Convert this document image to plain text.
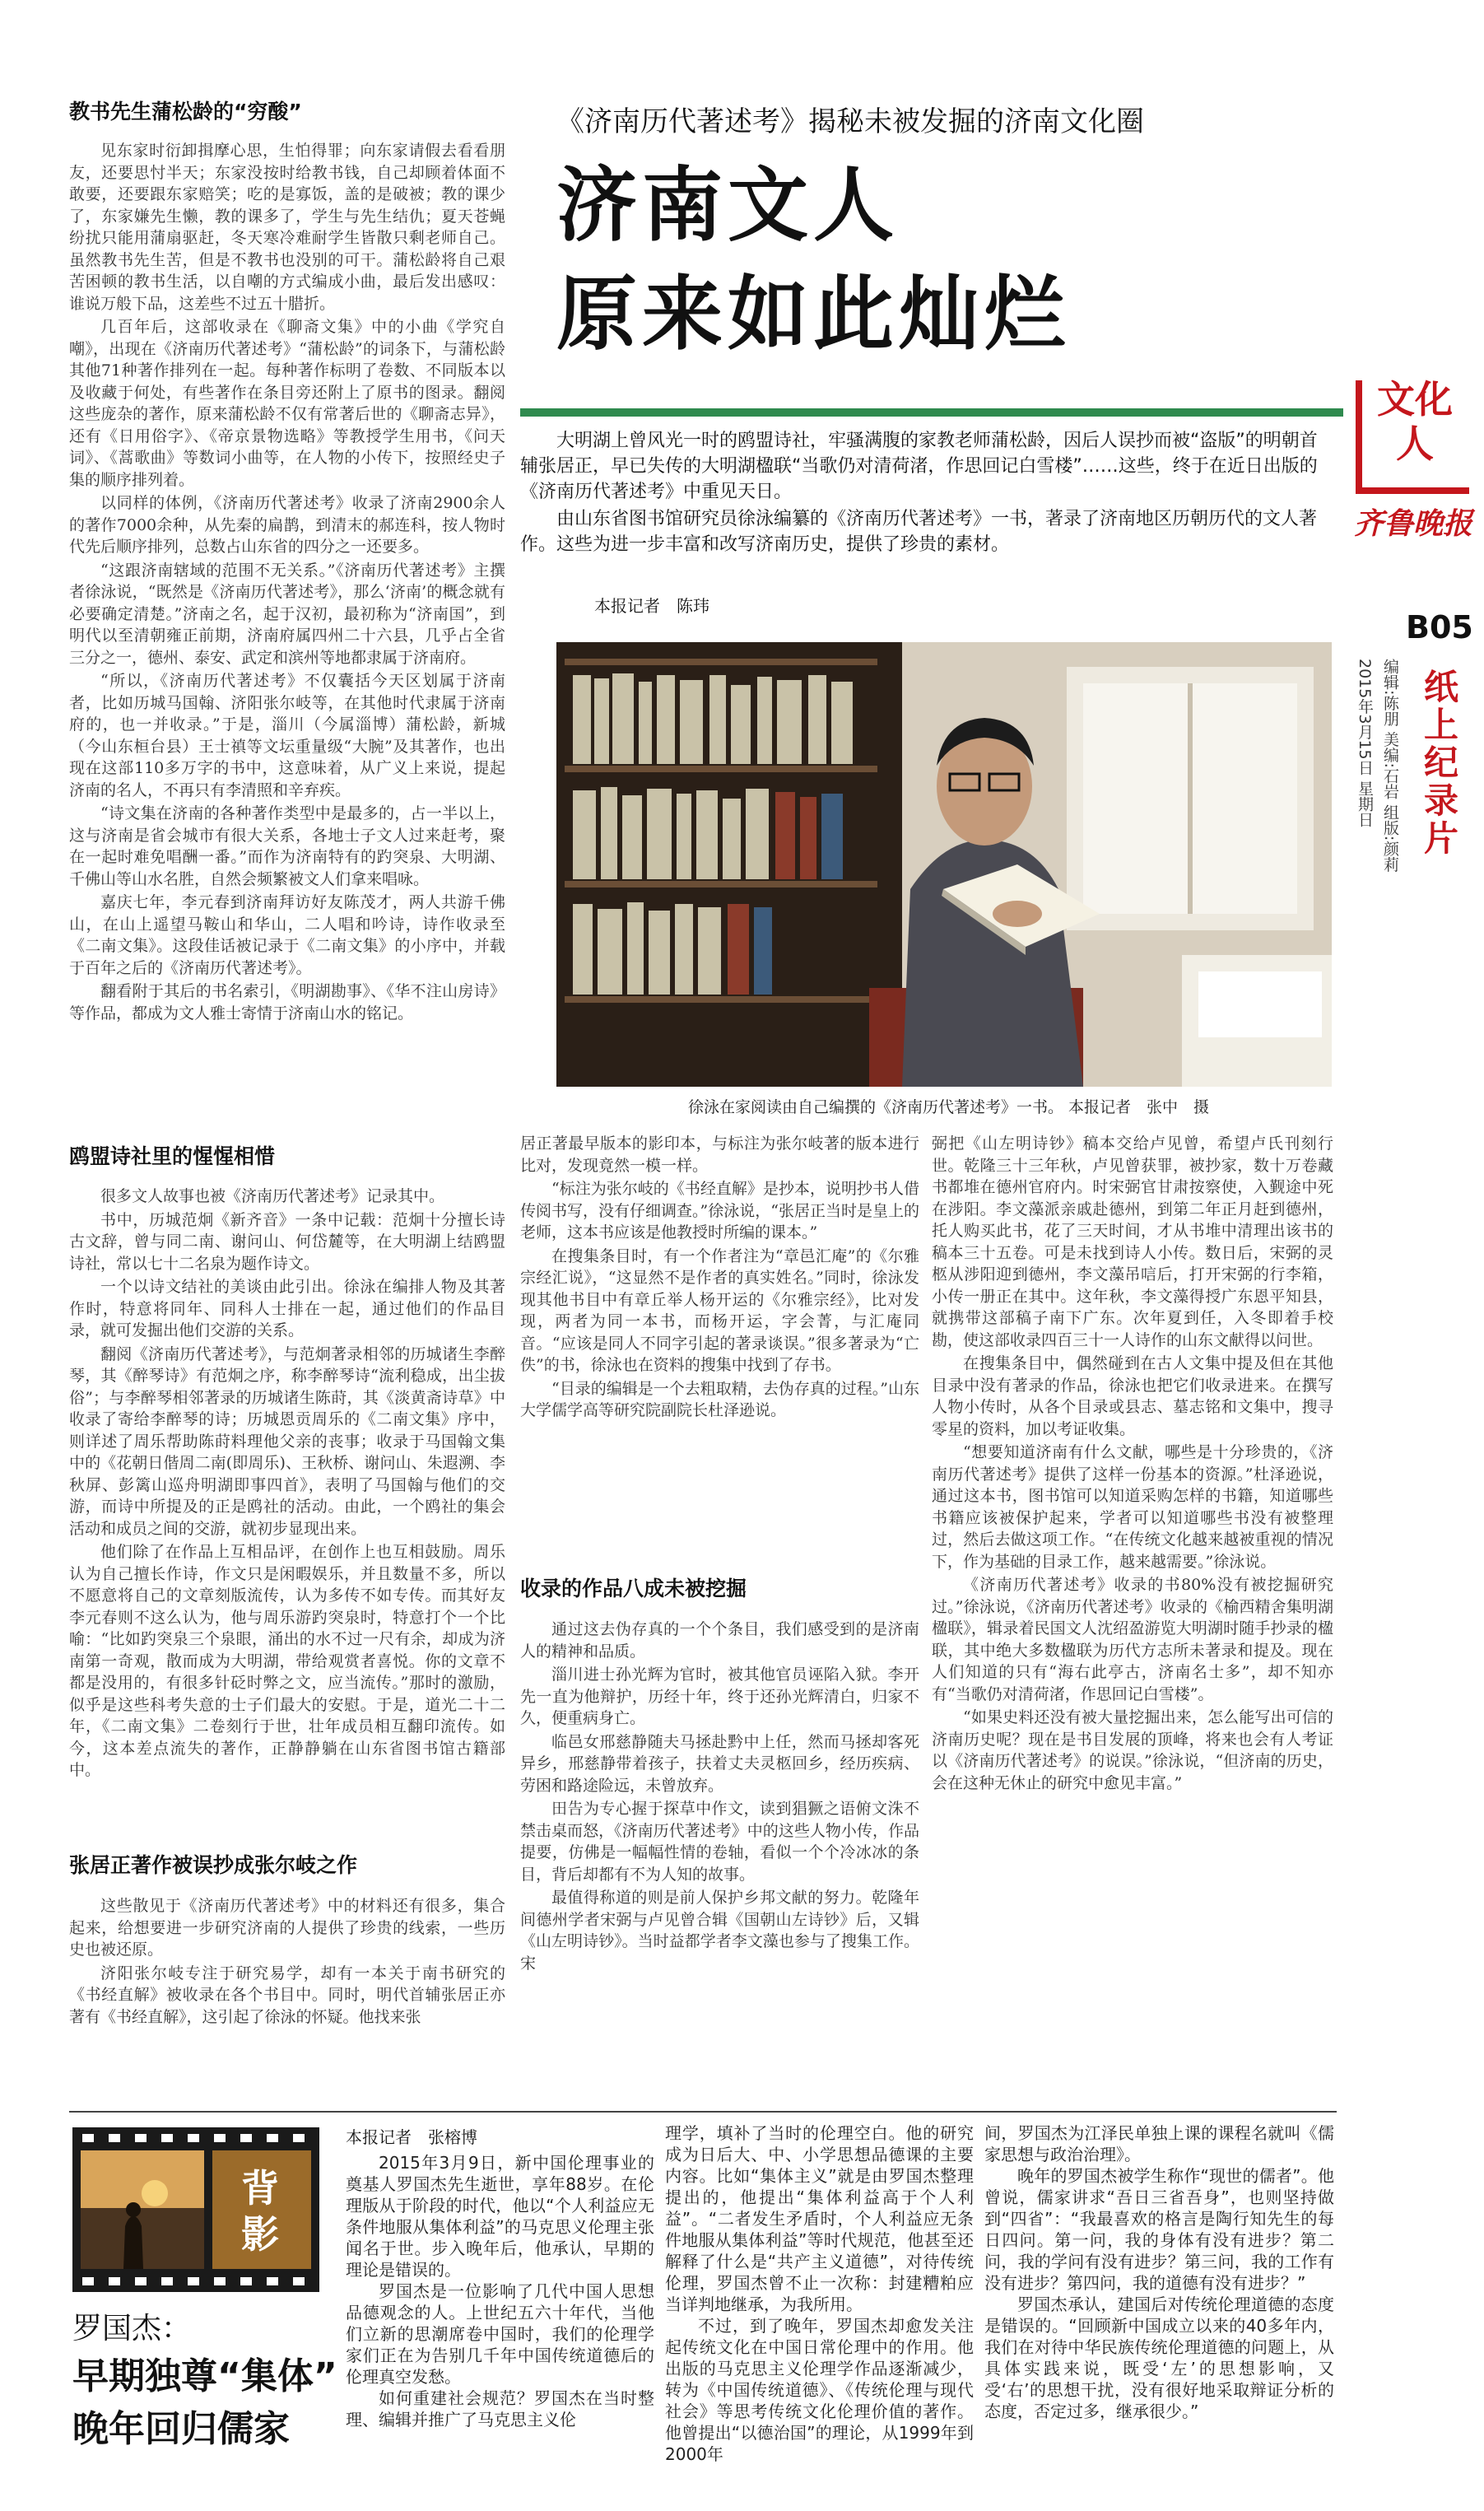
文化人
齐鲁晚报
B05
2015年3月15日 星期日 编辑:陈朋 美编:石岩 组版:颜莉 纸上纪录片
《济南历代著述考》揭秘未被发掘的济南文化圈
济南文人
原来如此灿烂

大明湖上曾风光一时的鸥盟诗社，牢骚满腹的家教老师蒲松龄，因后人误抄而被“盗版”的明朝首辅张居正，早已失传的大明湖楹联“当歌仍对清荷渚，作思回记白雪楼”……这些，终于在近日出版的《济南历代著述考》中重见天日。

由山东省图书馆研究员徐泳编纂的《济南历代著述考》一书，著录了济南地区历朝历代的文人著作。这些为进一步丰富和改写济南历史，提供了珍贵的素材。

本报记者　陈玮
徐泳在家阅读由自己编撰的《济南历代著述考》一书。 本报记者　张中　摄
教书先生蒲松龄的“穷酸”

见东家时衍卸揖摩心思，生怕得罪；向东家请假去看看朋友，还要思忖半天；东家没按时给教书钱，自己却顾着体面不敢要，还要跟东家赔笑；吃的是寡饭，盖的是破被；教的课少了，东家嫌先生懒，教的课多了，学生与先生结仇；夏天苍蝇纷扰只能用蒲扇驱赶，冬天寒冷难耐学生皆散只剩老师自己。虽然教书先生苦，但是不教书也没别的可干。蒲松龄将自己艰苦困顿的教书生活，以自嘲的方式编成小曲，最后发出感叹：谁说万般下品，这差些不过五十腊折。

几百年后，这部收录在《聊斋文集》中的小曲《学究自嘲》，出现在《济南历代著述考》“蒲松龄”的词条下，与蒲松龄其他71种著作排列在一起。每种著作标明了卷数、不同版本以及收藏于何处，有些著作在条目旁还附上了原书的图录。翻阅这些庞杂的著作，原来蒲松龄不仅有常著后世的《聊斋志异》，还有《日用俗字》、《帝京景物选略》等教授学生用书，《问天词》、《蒿歌曲》等数词小曲等，在人物的小传下，按照经史子集的顺序排列着。

以同样的体例，《济南历代著述考》收录了济南2900余人的著作7000余种，从先秦的扁鹊，到清末的郝连科，按人物时代先后顺序排列，总数占山东省的四分之一还要多。

“这跟济南辖域的范围不无关系。”《济南历代著述考》主撰者徐泳说，“既然是《济南历代著述考》，那么‘济南’的概念就有必要确定清楚。”济南之名，起于汉初，最初称为“济南国”，到明代以至清朝雍正前期，济南府属四州二十六县，几乎占全省三分之一，德州、泰安、武定和滨州等地都隶属于济南府。

“所以，《济南历代著述考》不仅囊括今天区划属于济南者，比如历城马国翰、济阳张尔岐等，在其他时代隶属于济南府的，也一并收录。”于是，淄川（今属淄博）蒲松龄，新城（今山东桓台县）王士禛等文坛重量级“大腕”及其著作，也出现在这部110多万字的书中，这意味着，从广义上来说，提起济南的名人，不再只有李清照和辛弃疾。

“诗文集在济南的各种著作类型中是最多的，占一半以上，这与济南是省会城市有很大关系，各地士子文人过来赶考，聚在一起时难免唱酬一番。”而作为济南特有的趵突泉、大明湖、千佛山等山水名胜，自然会频繁被文人们拿来唱咏。

嘉庆七年，李元春到济南拜访好友陈茂才，两人共游千佛山，在山上遥望马鞍山和华山，二人唱和吟诗，诗作收录至《二南文集》。这段佳话被记录于《二南文集》的小序中，并载于百年之后的《济南历代著述考》。

翻看附于其后的书名索引，《明湖勘事》、《华不注山房诗》等作品，都成为文人雅士寄情于济南山水的铭记。

鸥盟诗社里的惺惺相惜

很多文人故事也被《济南历代著述考》记录其中。

书中，历城范炯《新齐音》一条中记载：范炯十分擅长诗古文辞，曾与同二南、谢问山、何岱麓等，在大明湖上结鸥盟诗社，常以七十二名泉为题作诗文。

一个以诗文结社的美谈由此引出。徐泳在编排人物及其著作时，特意将同年、同科人士排在一起，通过他们的作品目录，就可发掘出他们交游的关系。

翻阅《济南历代著述考》，与范炯著录相邻的历城诸生李醉琴，其《醉琴诗》有范炯之序，称李醉琴诗“流利稳成，出尘拔俗”；与李醉琴相邻著录的历城诸生陈莳，其《淡黄斋诗草》中收录了寄给李醉琴的诗；历城恩贡周乐的《二南文集》序中，则详述了周乐帮助陈莳料理他父亲的丧事；收录于马国翰文集中的《花朝日偕周二南(即周乐)、王秋桥、谢问山、朱遐溯、李秋屏、彭篱山巡舟明湖即事四首》，表明了马国翰与他们的交游，而诗中所提及的正是鸥社的活动。由此，一个鸥社的集会活动和成员之间的交游，就初步显现出来。

他们除了在作品上互相品评，在创作上也互相鼓励。周乐认为自己擅长作诗，作文只是闲暇娱乐，并且数量不多，所以不愿意将自己的文章刻版流传，认为多传不如专传。而其好友李元春则不这么认为，他与周乐游趵突泉时，特意打个一个比喻：“比如趵突泉三个泉眼，涌出的水不过一尺有余，却成为济南第一奇观，散而成为大明湖，带给观赏者喜悦。你的文章不都是没用的，有很多针砭时弊之文，应当流传。”那时的激励，似乎是这些科考失意的士子们最大的安慰。于是，道光二十二年，《二南文集》二卷刻行于世，壮年成员相互翻印流传。如今，这本差点流失的著作，正静静躺在山东省图书馆古籍部中。

张居正著作被误抄成张尔岐之作

这些散见于《济南历代著述考》中的材料还有很多，集合起来，给想要进一步研究济南的人提供了珍贵的线索，一些历史也被还原。

济阳张尔岐专注于研究易学，却有一本关于南书研究的《书经直解》被收录在各个书目中。同时，明代首辅张居正亦著有《书经直解》，这引起了徐泳的怀疑。他找来张

居正著最早版本的影印本，与标注为张尔岐著的版本进行比对，发现竟然一模一样。

“标注为张尔岐的《书经直解》是抄本，说明抄书人借传阅书写，没有仔细调查。”徐泳说，“张居正当时是皇上的老师，这本书应该是他教授时所编的课本。”

在搜集条目时，有一个作者注为“章邑汇庵”的《尔雅宗经汇说》，“这显然不是作者的真实姓名。”同时，徐泳发现其他书目中有章丘举人杨开运的《尔雅宗经》，比对发现，两者为同一本书，而杨开运，字会菁，与汇庵同音。“应该是同人不同字引起的著录谈误。”很多著录为“亡佚”的书，徐泳也在资料的搜集中找到了存书。

“目录的编辑是一个去粗取精，去伪存真的过程。”山东大学儒学高等研究院副院长杜泽逊说。

收录的作品八成未被挖掘

通过这去伪存真的一个个条目，我们感受到的是济南人的精神和品质。

淄川进士孙光辉为官时，被其他官员诬陷入狱。李开先一直为他辩护，历经十年，终于还孙光辉清白，归家不久，便重病身亡。

临邑女邢慈静随夫马拯赴黔中上任，然而马拯却客死异乡，邢慈静带着孩子，扶着丈夫灵柩回乡，经历疾病、劳困和路途险远，未曾放弃。

田告为专心握于探草中作文，读到猖獗之语俯文洙不禁击桌而怒，《济南历代著述考》中的这些人物小传，作品提要，仿佛是一幅幅性情的卷轴，看似一个个冷冰冰的条目，背后却都有不为人知的故事。

最值得称道的则是前人保护乡邦文献的努力。乾隆年间德州学者宋弼与卢见曾合辑《国朝山左诗钞》后，又辑《山左明诗钞》。当时益都学者李文藻也参与了搜集工作。宋

弼把《山左明诗钞》稿本交给卢见曾，希望卢氏刊刻行世。乾隆三十三年秋，卢见曾获罪，被抄家，数十万卷藏书都堆在德州官府内。时宋弼官甘肃按察使，入觐途中死在涉阳。李文藻派亲戚赴德州，到第二年正月赶到德州，托人购买此书，花了三天时间，才从书堆中清理出该书的稿本三十五卷。可是未找到诗人小传。数日后，宋弼的灵柩从涉阳迎到德州，李文藻吊唁后，打开宋弼的行李箱，小传一册正在其中。这年秋，李文藻得授广东恩平知县，就携带这部稿子南下广东。次年夏到任，入冬即着手校勘，使这部收录四百三十一人诗作的山东文献得以问世。

在搜集条目中，偶然碰到在古人文集中提及但在其他目录中没有著录的作品，徐泳也把它们收录进来。在撰写人物小传时，从各个目录或县志、墓志铭和文集中，搜寻零星的资料，加以考证收集。

“想要知道济南有什么文献，哪些是十分珍贵的，《济南历代著述考》提供了这样一份基本的资源。”杜泽逊说，通过这本书，图书馆可以知道采购怎样的书籍，知道哪些书籍应该被保护起来，学者可以知道哪些书没有被整理过，然后去做这项工作。“在传统文化越来越被重视的情况下，作为基础的目录工作，越来越需要。”徐泳说。

《济南历代著述考》收录的书80%没有被挖掘研究过。”徐泳说，《济南历代著述考》收录的《榆西精舍集明湖楹联》，辑录着民国文人沈绍盈游览大明湖时随手抄录的楹联，其中绝大多数楹联为历代方志所未著录和提及。现在人们知道的只有“海右此亭古，济南名士多”，却不知亦有“当歌仍对清荷渚，作思回记白雪楼”。

“如果史料还没有被大量挖掘出来，怎么能写出可信的济南历史呢？现在是书目发展的顶峰，将来也会有人考证以《济南历代著述考》的说误。”徐泳说，“但济南的历史，会在这种无休止的研究中愈见丰富。”

背影
罗国杰：
早期独尊“集体”
晚年回归儒家
本报记者　张榕博

2015年3月9日，新中国伦理事业的奠基人罗国杰先生逝世，享年88岁。在伦理版从于阶段的时代，他以“个人利益应无条件地服从集体利益”的马克思义伦理主张闻名于世。步入晚年后，他承认，早期的理论是错误的。

罗国杰是一位影响了几代中国人思想品德观念的人。上世纪五六十年代，当他们立新的思潮席卷中国时，我们的伦理学家们正在为告别几千年中国传统道德后的伦理真空发愁。

如何重建社会规范？罗国杰在当时整理、编辑并推广了马克思主义伦

理学，填补了当时的伦理空白。他的研究成为日后大、中、小学思想品德课的主要内容。比如“集体主义”就是由罗国杰整理提出的，他提出“集体利益高于个人利益”。“二者发生矛盾时，个人利益应无条件地服从集体利益”等时代规范，他甚至还解释了什么是“共产主义道德”，对待传统伦理，罗国杰曾不止一次称：封建糟粕应当详判地继承，为我所用。

不过，到了晚年，罗国杰却愈发关注起传统文化在中国日常伦理中的作用。他出版的马克思主义伦理学作品逐渐减少，转为《中国传统道德》、《传统伦理与现代社会》等思考传统文化伦理价值的著作。他曾提出“以德治国”的理论，从1999年到2000年

间，罗国杰为江泽民单独上课的课程名就叫《儒家思想与政治治理》。

晚年的罗国杰被学生称作“现世的儒者”。他曾说，儒家讲求“吾日三省吾身”，也则坚持做到“四省”：“我最喜欢的格言是陶行知先生的每日四问。第一问，我的身体有没有进步？第二问，我的学问有没有进步？第三问，我的工作有没有进步？第四问，我的道德有没有进步？”

罗国杰承认，建国后对传统伦理道德的态度是错误的。“回顾新中国成立以来的40多年内，我们在对待中华民族传统伦理道德的问题上，从具体实践来说，既受‘左’的思想影响，又受‘右’的思想干扰，没有很好地采取辩证分析的态度，否定过多，继承很少。”
